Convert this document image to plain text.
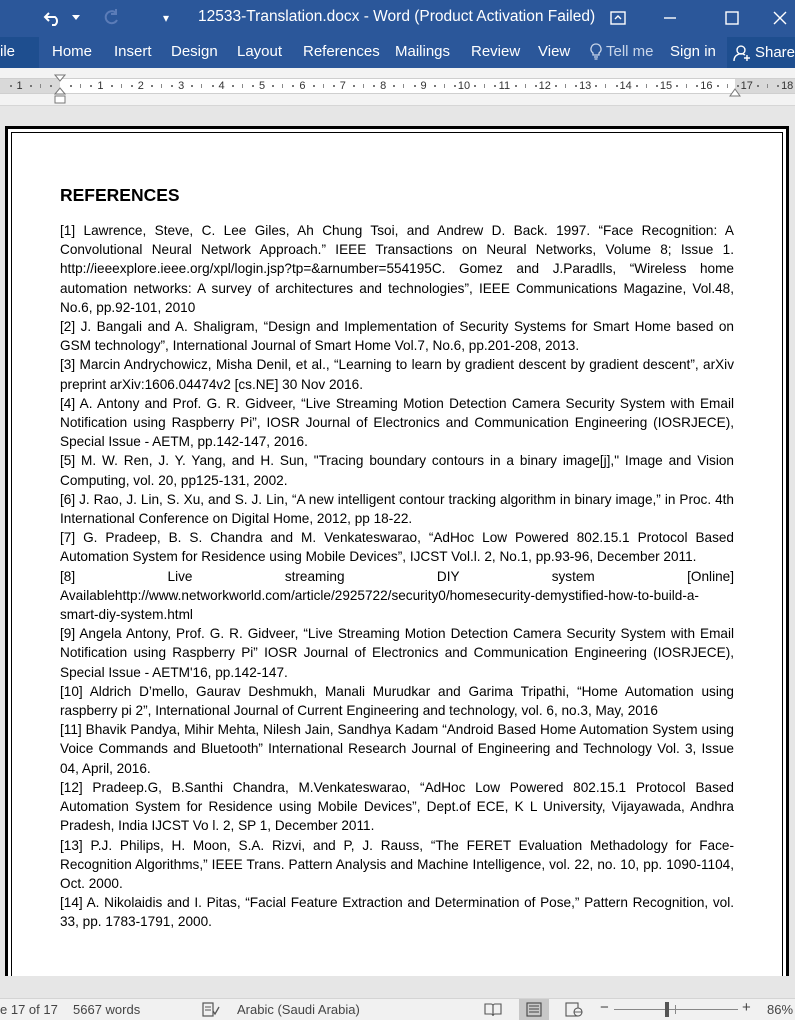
▾ 12533-Translation.docx - Word (Product Activation Failed)
ile Home Insert Design Layout References Mailings Review View Tell me Sign in	Share
1	1	2	3	4	5	6	7	8	9	10	11	12	13	14	15	16	17	18
REFERENCES
[1] Lawrence, Steve, C. Lee Giles, Ah Chung Tsoi, and Andrew D. Back. 1997. “Face Recognition: A Convolutional Neural Network Approach.” IEEE Transactions on Neural Networks, Volume 8; Issue 1. http://ieeexplore.ieee.org/xpl/login.jsp?tp=&arnumber=554195C. Gomez and J.Paradlls, “Wireless home automation networks: A survey of architectures and technologies”, IEEE Communications Magazine, Vol.48, No.6, pp.92-101, 2010
[2] J. Bangali and A. Shaligram, “Design and Implementation of Security Systems for Smart Home based on GSM technology”, International Journal of Smart Home Vol.7, No.6, pp.201-208, 2013.
[3] Marcin Andrychowicz, Misha Denil, et al., “Learning to learn by gradient descent by gradient descent”, arXiv preprint arXiv:1606.04474v2 [cs.NE] 30 Nov 2016.
[4] A. Antony and Prof. G. R. Gidveer, “Live Streaming Motion Detection Camera Security System with Email Notification using Raspberry Pi”, IOSR Journal of Electronics and Communication Engineering (IOSRJECE), Special Issue - AETM, pp.142-147, 2016.
[5] M. W. Ren, J. Y. Yang, and H. Sun, "Tracing boundary contours in a binary image[j]," Image and Vision Computing, vol. 20, pp125-131, 2002.
[6] J. Rao, J. Lin, S. Xu, and S. J. Lin, “A new intelligent contour tracking algorithm in binary image,” in Proc. 4th International Conference on Digital Home, 2012, pp 18-22.
[7] G. Pradeep, B. S. Chandra and M. Venkateswarao, “AdHoc Low Powered 802.15.1 Protocol Based Automation System for Residence using Mobile Devices”, IJCST Vol.l. 2, No.1, pp.93-96, December 2011.
[8] Live streaming DIY system [Online] Availablehttp://www.networkworld.com/article/2925722/security0/homesecurity-demystified-how-to-build-a-smart-diy-system.html
[9] Angela Antony, Prof. G. R. Gidveer, “Live Streaming Motion Detection Camera Security System with Email Notification using Raspberry Pi” IOSR Journal of Electronics and Communication Engineering (IOSRJECE), Special Issue - AETM'16, pp.142-147.
[10] Aldrich D’mello, Gaurav Deshmukh, Manali Murudkar and Garima Tripathi, “Home Automation using raspberry pi 2”, International Journal of Current Engineering and technology, vol. 6, no.3, May, 2016
[11] Bhavik Pandya, Mihir Mehta, Nilesh Jain, Sandhya Kadam “Android Based Home Automation System using Voice Commands and Bluetooth” International Research Journal of Engineering and Technology Vol. 3, Issue 04, April, 2016.
[12] Pradeep.G, B.Santhi Chandra, M.Venkateswarao, “AdHoc Low Powered 802.15.1 Protocol Based Automation System for Residence using Mobile Devices”, Dept.of ECE, K L University, Vijayawada, Andhra Pradesh, India IJCST Vo l. 2, SP 1, December 2011.
[13] P.J. Philips, H. Moon, S.A. Rizvi, and P, J. Rauss, “The FERET Evaluation Methadology for Face-Recognition Algorithms,” IEEE Trans. Pattern Analysis and Machine Intelligence, vol. 22, no. 10, pp. 1090-1104, Oct. 2000.
[14] A. Nikolaidis and I. Pitas, “Facial Feature Extraction and Determination of Pose,” Pattern Recognition, vol. 33, pp. 1783-1791, 2000.
e 17 of 17 5667 words	Arabic (Saudi Arabia)	−	+ 86%
